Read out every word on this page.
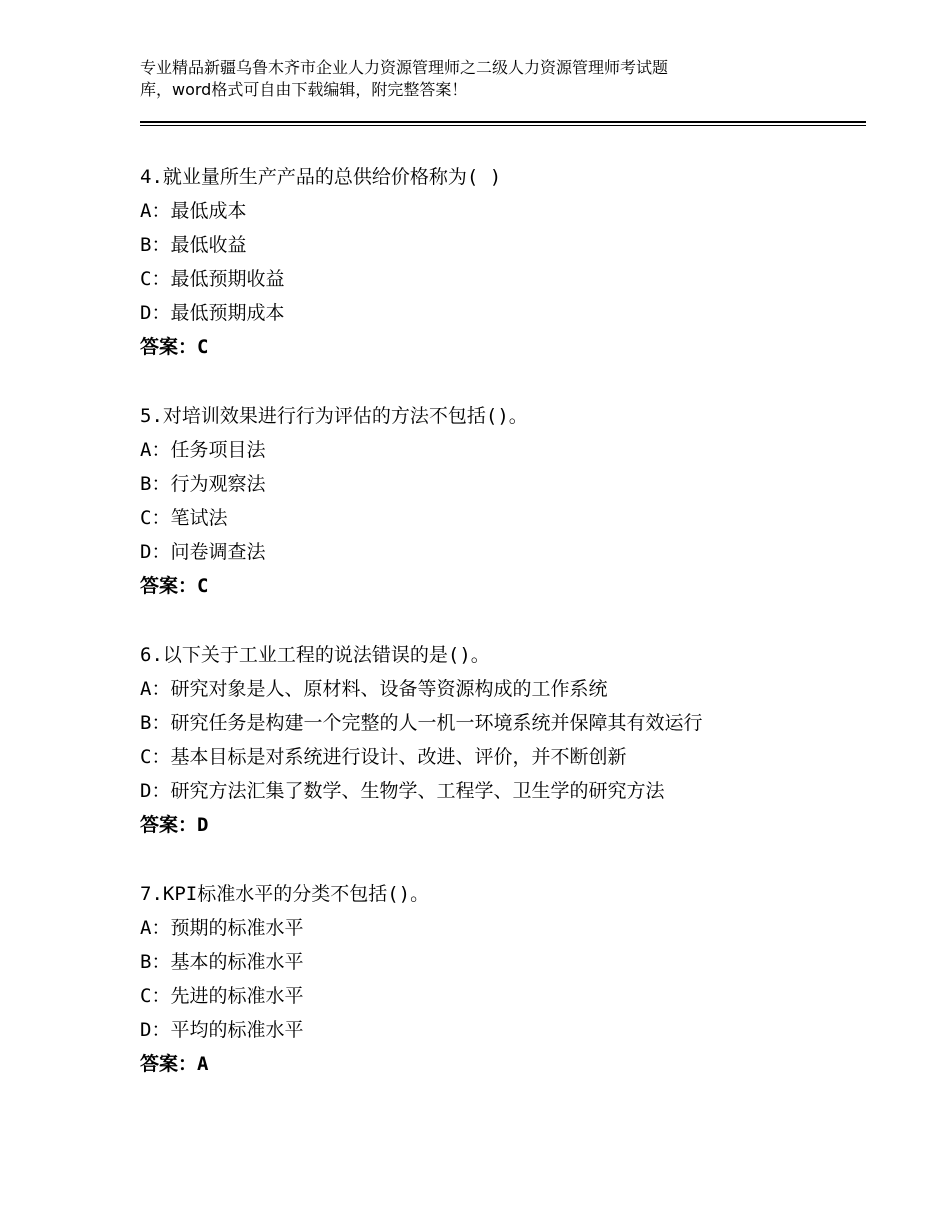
专业精品新疆乌鲁木齐市企业人力资源管理师之二级人力资源管理师考试题
库，word格式可自由下载编辑，附完整答案！
4.就业量所生产产品的总供给价格称为( )
A：最低成本
B：最低收益
C：最低预期收益
D：最低预期成本
答案：C
5.对培训效果进行行为评估的方法不包括()。
A：任务项目法
B：行为观察法
C：笔试法
D：问卷调查法
答案：C
6.以下关于工业工程的说法错误的是()。
A：研究对象是人、原材料、设备等资源构成的工作系统
B：研究任务是构建一个完整的人一机一环境系统并保障其有效运行
C：基本目标是对系统进行设计、改进、评价，并不断创新
D：研究方法汇集了数学、生物学、工程学、卫生学的研究方法
答案：D
7.KPI标准水平的分类不包括()。
A：预期的标准水平
B：基本的标准水平
C：先进的标准水平
D：平均的标准水平
答案：A
